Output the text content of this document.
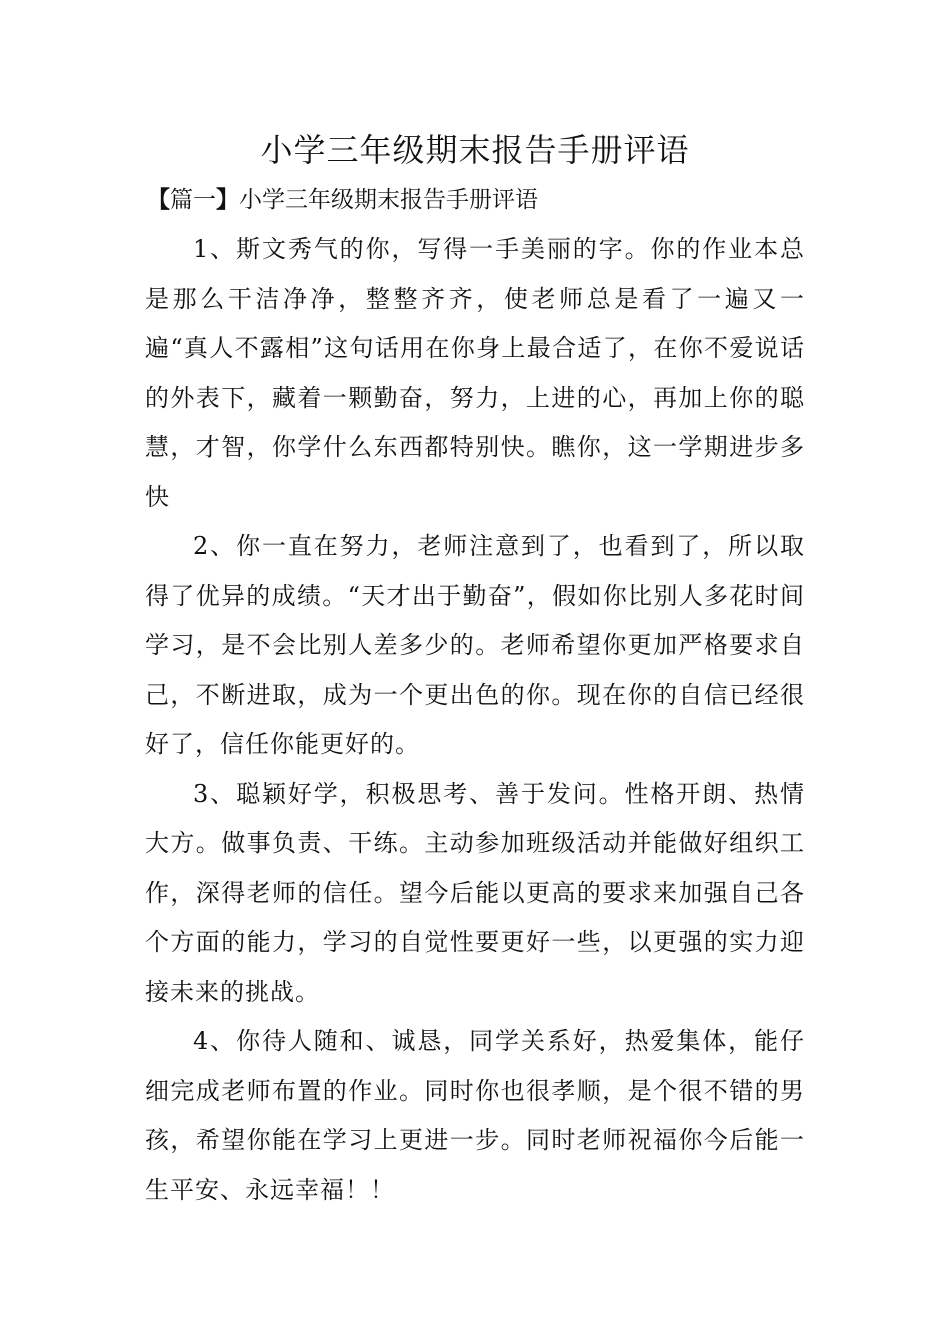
小学三年级期末报告手册评语

【篇一】小学三年级期末报告手册评语

1、斯文秀气的你，写得一手美丽的字。你的作业本总是那么干洁净净，整整齐齐，使老师总是看了一遍又一遍“真人不露相”这句话用在你身上最合适了，在你不爱说话的外表下，藏着一颗勤奋，努力，上进的心，再加上你的聪慧，才智，你学什么东西都特别快。瞧你，这一学期进步多快

2、你一直在努力，老师注意到了，也看到了，所以取得了优异的成绩。“天才出于勤奋”，假如你比别人多花时间学习，是不会比别人差多少的。老师希望你更加严格要求自己，不断进取，成为一个更出色的你。现在你的自信已经很好了，信任你能更好的。

3、聪颖好学，积极思考、善于发问。性格开朗、热情大方。做事负责、干练。主动参加班级活动并能做好组织工作，深得老师的信任。望今后能以更高的要求来加强自己各个方面的能力，学习的自觉性要更好一些，以更强的实力迎接未来的挑战。

4、你待人随和、诚恳，同学关系好，热爱集体，能仔细完成老师布置的作业。同时你也很孝顺，是个很不错的男孩，希望你能在学习上更进一步。同时老师祝福你今后能一生平安、永远幸福！！
